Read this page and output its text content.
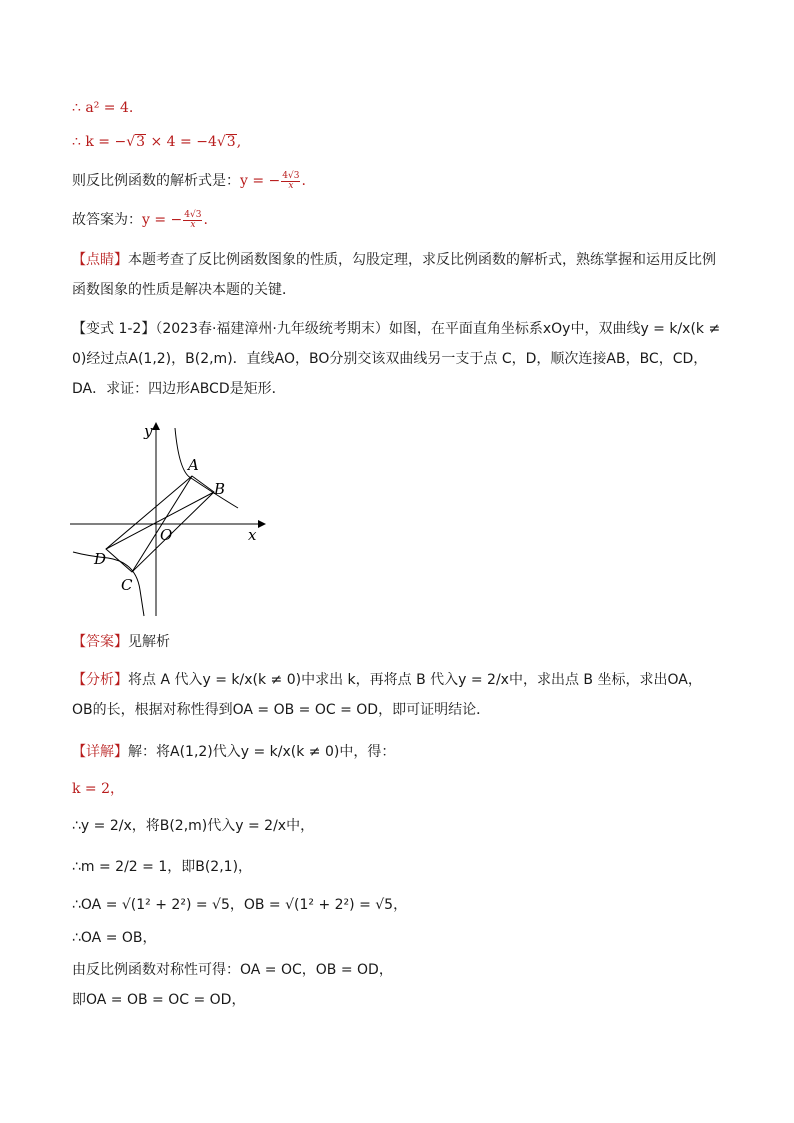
∴ a² = 4.
∴ k = −√3 × 4 = −4√3,
则反比例函数的解析式是：y = − $\frac{4√3}{x}$ .
故答案为：y = − $\frac{4√3}{x}$ .
【点睛】本题考查了反比例函数图象的性质，勾股定理，求反比例函数的解析式，熟练掌握和运用反比例函数图象的性质是解决本题的关键．
【变式 1-2】（2023春·福建漳州·九年级统考期末）如图，在平面直角坐标系xOy中，双曲线y = k/x(k ≠ 0)经过点A(1,2)，B(2,m)．直线AO，BO分别交该双曲线另一支于点 C，D，顺次连接AB，BC，CD，DA．求证：四边形ABCD是矩形．
y
x
O
A
B
C
D
【答案】见解析
【分析】将点 A 代入y = k/x(k ≠ 0)中求出 k，再将点 B 代入y = 2/x中，求出点 B 坐标，求出OA，OB的长，根据对称性得到OA = OB = OC = OD，即可证明结论．
【详解】解：将A(1,2)代入y = k/x(k ≠ 0)中，得：
k = 2，
∴y = 2/x，将B(2,m)代入y = 2/x中，
∴m = 2/2 = 1，即B(2,1)，
∴OA = √(1² + 2²) = √5，OB = √(1² + 2²) = √5，
∴OA = OB，
由反比例函数对称性可得：OA = OC，OB = OD，
即OA = OB = OC = OD，
